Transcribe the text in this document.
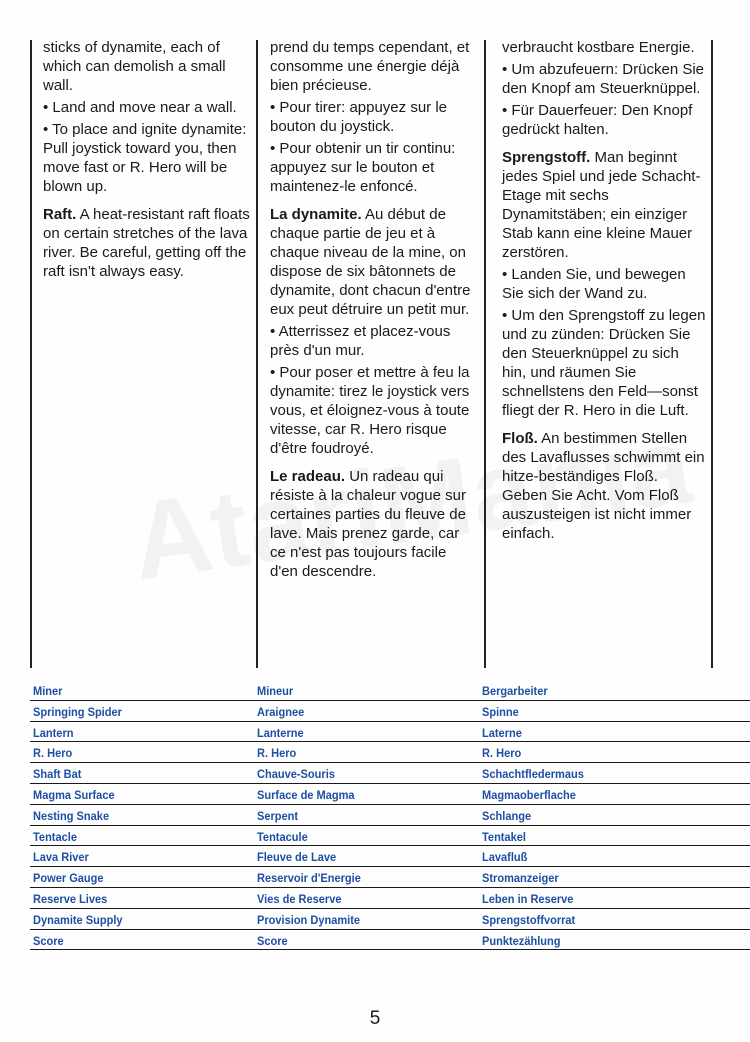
sticks of dynamite, each of which can demolish a small wall.

• Land and move near a wall.

• To place and ignite dynamite: Pull joystick toward you, then move fast or R. Hero will be blown up.

Raft. A heat-resistant raft floats on certain stretches of the lava river. Be careful, getting off the raft isn't always easy.

prend du temps cependant, et consomme une énergie déjà bien précieuse.

• Pour tirer: appuyez sur le bouton du joystick.

• Pour obtenir un tir continu: appuyez sur le bouton et maintenez-le enfoncé.

La dynamite. Au début de chaque partie de jeu et à chaque niveau de la mine, on dispose de six bâtonnets de dynamite, dont chacun d'entre eux peut détruire un petit mur.

• Atterrissez et placez-vous près d'un mur.

• Pour poser et mettre à feu la dynamite: tirez le joystick vers vous, et éloignez-vous à toute vitesse, car R. Hero risque d'être foudroyé.

Le radeau. Un radeau qui résiste à la chaleur vogue sur certaines parties du fleuve de lave. Mais prenez garde, car ce n'est pas toujours facile d'en descendre.

verbraucht kostbare Energie.

• Um abzufeuern: Drücken Sie den Knopf am Steuerknüppel.

• Für Dauerfeuer: Den Knopf gedrückt halten.

Sprengstoff. Man beginnt jedes Spiel und jede Schacht-Etage mit sechs Dynamitstäben; ein einziger Stab kann eine kleine Mauer zerstören.

• Landen Sie, und bewegen Sie sich der Wand zu.

• Um den Sprengstoff zu legen und zu zünden: Drücken Sie den Steuerknüppel zu sich hin, und räumen Sie schnellstens den Feld—sonst fliegt der R. Hero in die Luft.

Floß. An bestimmen Stellen des Lavaflusses schwimmt ein hitze-beständiges Floß. Geben Sie Acht. Vom Floß auszusteigen ist nicht immer einfach.

Miner	Mineur	Bergarbeiter
Springing Spider	Araignee	Spinne
Lantern	Lanterne	Laterne
R. Hero	R. Hero	R. Hero
Shaft Bat	Chauve-Souris	Schachtfledermaus
Magma Surface	Surface de Magma	Magmaoberflache
Nesting Snake	Serpent	Schlange
Tentacle	Tentacule	Tentakel
Lava River	Fleuve de Lave	Lavafluß
Power Gauge	Reservoir d'Energie	Stromanzeiger
Reserve Lives	Vies de Reserve	Leben in Reserve
Dynamite Supply	Provision Dynamite	Sprengstoffvorrat
Score	Score	Punktezählung
5
